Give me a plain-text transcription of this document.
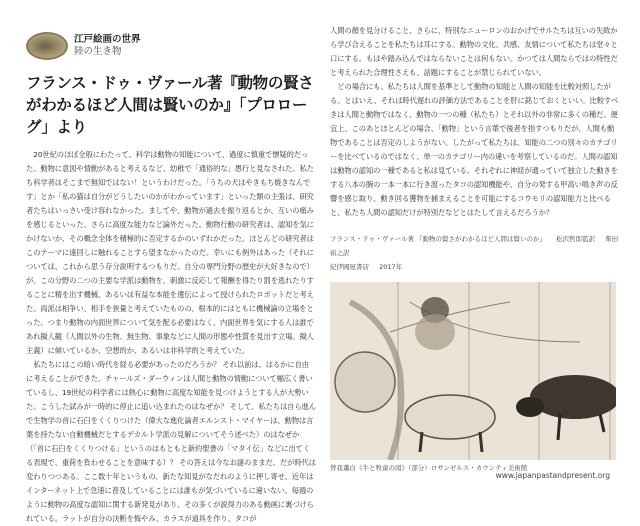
江戸絵画の世界
陸の生き物
フランス・ドゥ・ヴァール著『動物の賢さがわかるほど人間は賢いのか』「プロローグ」より

20世紀のほぼ全般にわたって、科学は動物の知能について、過度に慎重で懐疑的だった。動物に意図や情動があると考えるなど、幼稚で「通俗的な」愚行と見なされた。私たち科学者はそこまで無知ではない！というわけだった。「うちの犬はやきもち焼きなんです」とか「私の猫は自分がどうしたいのかがわかっています」といった類の主張は、研究者たちはいっさい受け容れなかった。ましてや、動物が過去を振り返るとか、互いの痛みを感じるといった、さらに高度な能力など論外だった。動物行動の研究者は、認知を気にかけないか、その概念全体を積極的に否定するかのいずれかだった。ほとんどの研究者はこのテーマに遠回しに触れることすら望まなかったのだ。幸いにも例外はあった（それについては、これから思う存分説明するつもりだ。自分の専門分野の歴史が大好きなので）が、この分野の二つの主要な学派は動物を、刺激に反応して報酬を得たり罰を逃れたりすることに精を出す機械、あるいは有益な本能を遺伝によって授けられたロボットだと考えた。両派は相争い、相手を狭量と考えていたものの、根本的にはともに機械論の立場をとった。つまり動物の内面世界について気を配る必要はなく、内面世界を気にする人は誰であれ擬人観（人間以外の生物、無生物、事象などに人間の形態や性質を見出す立場。擬人主義）に傾いているか、空想的か、あるいは非科学的と考えていた。

私たちにはこの暗い時代を経る必要があったのだろうか？ それ以前は、はるかに自由に考えることができた。チャールズ・ダーウィンは人間と動物の情動について幅広く書いているし、19世紀の科学者には熱心に動物に高度な知能を見つけようとする人が大勢いた。こうした試みが一時的に停止に追い込まれたのはなぜか？ そして、私たちは自ら進んで生物学の首に石臼をくくりつけた（偉大な進化論者エルンスト・マイヤーは、動物は言葉を持たない自動機械だとするデカルト学派の見解についてそう述べた）のはなぜか（「首に石臼をくくりつける」というのはもともと新約聖書の「マタイ伝」などに出てくる表現で、重荷を負わせることを意味する）？ その答えは今なお謎のままだ。だが時代は変わりつつある。ここ数十年というもの、新たな知見がなだれのように押し寄せ、近年はインターネット上で急速に普及していることには誰もが気づいているに違いない。毎週のように動物の高度な認知に関する新発見があり、その多くが説得力のある動画に裏づけられている。ラットが自分の決断を悔やみ、カラスが道具を作り、タコが

人間の顔を見分けること、さらに、特別なニューロンのおかげでサルたちは互いの失敗から学び合えることを私たちは耳にする。動物の文化、共感、友情について私たちは堂々と口にする。もはや踏み込んではならないことは何もない。かつては人間ならではの特性だと考えられた合理性さえも、話題にすることが禁じられていない。

どの場合にも、私たちは人間を基準として動物の知能と人間の知能を比較対照したがる。とはいえ、それは時代遅れの評価方法であることを肝に銘じておくといい。比較すべきは人間と動物ではなく、動物の一つの種（私たち）とそれ以外の非常に多くの種だ。便宜上、このあとほとんどの場合、「動物」という言葉で後者を指すつもりだが、人間も動物であることは否定のしようがない。したがって私たちは、知能の二つの別々のカテゴリーを比べているのではなく、単一のカテゴリー内の違いを考察しているのだ。人間の認知は動物の認知の一種であると私は見ている。それぞれに神経が通っていて独立した動きをする八本の腕の一本一本に行き渡ったタコの認知機能や、自分の発する甲高い鳴き声の反響を感じ取り、動き回る獲物を捕まえることを可能にするコウモリの認知能力と比べると、私たち人間の認知だけが特別だなどとはたして言えるだろうか？

フランス・ドゥ・ヴァール著 『動物の賢さがわかるほど人間は賢いのか』 松沢哲郎監訳 柴田裕之訳
紀伊國屋書店 2017年
曾我蕭白《牛と牧童の図》（部分）ロサンゼルス・カウンティ美術館
www.japanpastandpresent.org
